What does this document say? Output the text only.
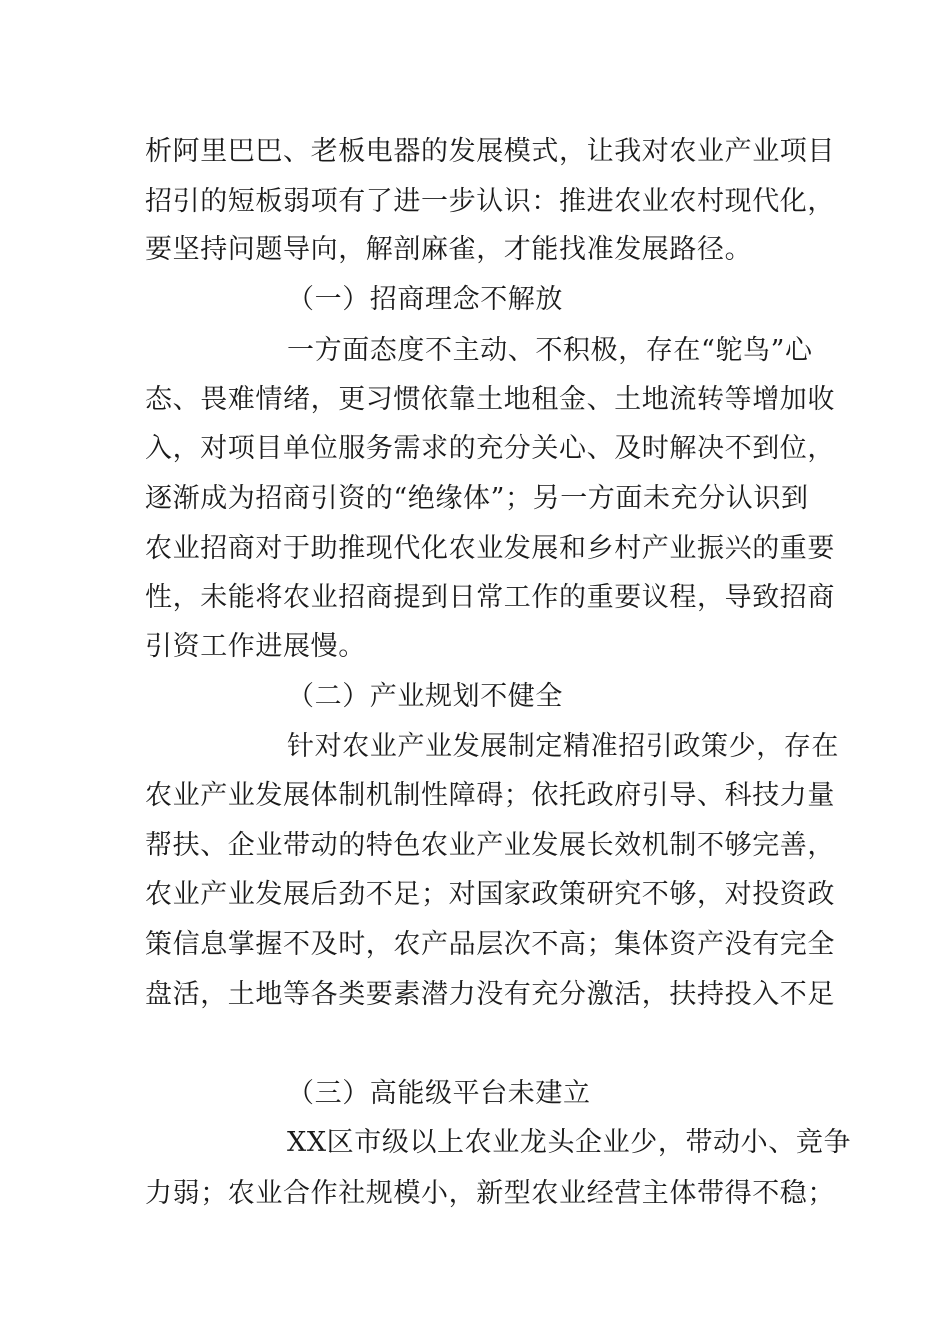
析阿里巴巴、老板电器的发展模式，让我对农业产业项目
招引的短板弱项有了进一步认识：推进农业农村现代化，
要坚持问题导向，解剖麻雀，才能找准发展路径。
（一）招商理念不解放
一方面态度不主动、不积极，存在“鸵鸟”心
态、畏难情绪，更习惯依靠土地租金、土地流转等增加收
入，对项目单位服务需求的充分关心、及时解决不到位，
逐渐成为招商引资的“绝缘体”；另一方面未充分认识到
农业招商对于助推现代化农业发展和乡村产业振兴的重要
性，未能将农业招商提到日常工作的重要议程，导致招商
引资工作进展慢。
（二）产业规划不健全
针对农业产业发展制定精准招引政策少，存在
农业产业发展体制机制性障碍；依托政府引导、科技力量
帮扶、企业带动的特色农业产业发展长效机制不够完善，
农业产业发展后劲不足；对国家政策研究不够，对投资政
策信息掌握不及时，农产品层次不高；集体资产没有完全
盘活，土地等各类要素潜力没有充分激活，扶持投入不足
（三）高能级平台未建立
XX区市级以上农业龙头企业少，带动小、竞争
力弱；农业合作社规模小，新型农业经营主体带得不稳；
